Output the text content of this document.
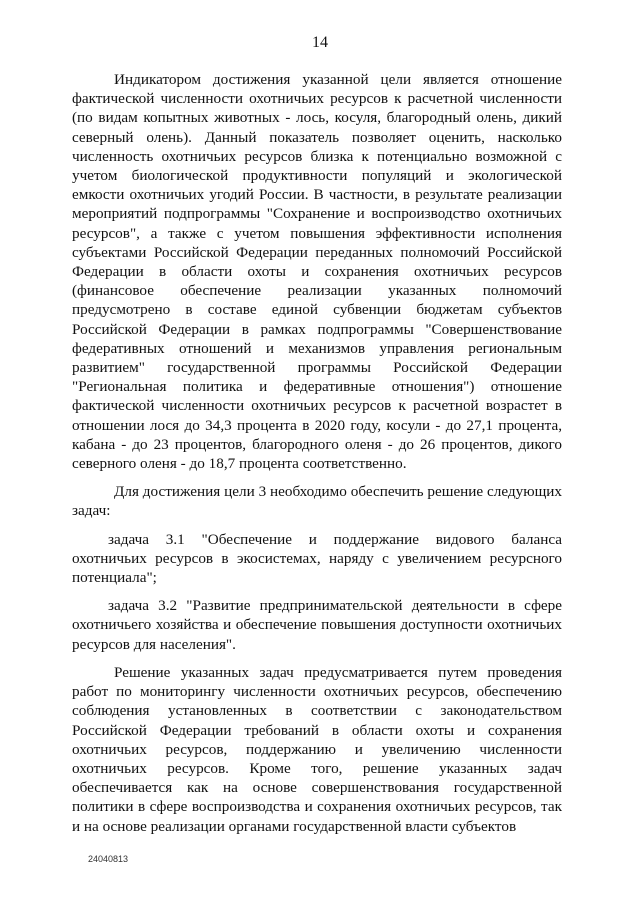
14

Индикатором достижения указанной цели является отношение фактической численности охотничьих ресурсов к расчетной численности (по видам копытных животных - лось, косуля, благородный олень, дикий северный олень). Данный показатель позволяет оценить, насколько численность охотничьих ресурсов близка к потенциально возможной с учетом биологической продуктивности популяций и экологической емкости охотничьих угодий России. В частности, в результате реализации мероприятий подпрограммы "Сохранение и воспроизводство охотничьих ресурсов", а также с учетом повышения эффективности исполнения субъектами Российской Федерации переданных полномочий Российской Федерации в области охоты и сохранения охотничьих ресурсов (финансовое обеспечение реализации указанных полномочий предусмотрено в составе единой субвенции бюджетам субъектов Российской Федерации в рамках подпрограммы "Совершенствование федеративных отношений и механизмов управления региональным развитием" государственной программы Российской Федерации "Региональная политика и федеративные отношения") отношение фактической численности охотничьих ресурсов к расчетной возрастет в отношении лося до 34,3 процента в 2020 году, косули - до 27,1 процента, кабана - до 23 процентов, благородного оленя - до 26 процентов, дикого северного оленя - до 18,7 процента соответственно.

Для достижения цели 3 необходимо обеспечить решение следующих задач:

задача 3.1 "Обеспечение и поддержание видового баланса охотничьих ресурсов в экосистемах, наряду с увеличением ресурсного потенциала";

задача 3.2 "Развитие предпринимательской деятельности в сфере охотничьего хозяйства и обеспечение повышения доступности охотничьих ресурсов для населения".

Решение указанных задач предусматривается путем проведения работ по мониторингу численности охотничьих ресурсов, обеспечению соблюдения установленных в соответствии с законодательством Российской Федерации требований в области охоты и сохранения охотничьих ресурсов, поддержанию и увеличению численности охотничьих ресурсов. Кроме того, решение указанных задач обеспечивается как на основе совершенствования государственной политики в сфере воспроизводства и сохранения охотничьих ресурсов, так и на основе реализации органами государственной власти субъектов

24040813
